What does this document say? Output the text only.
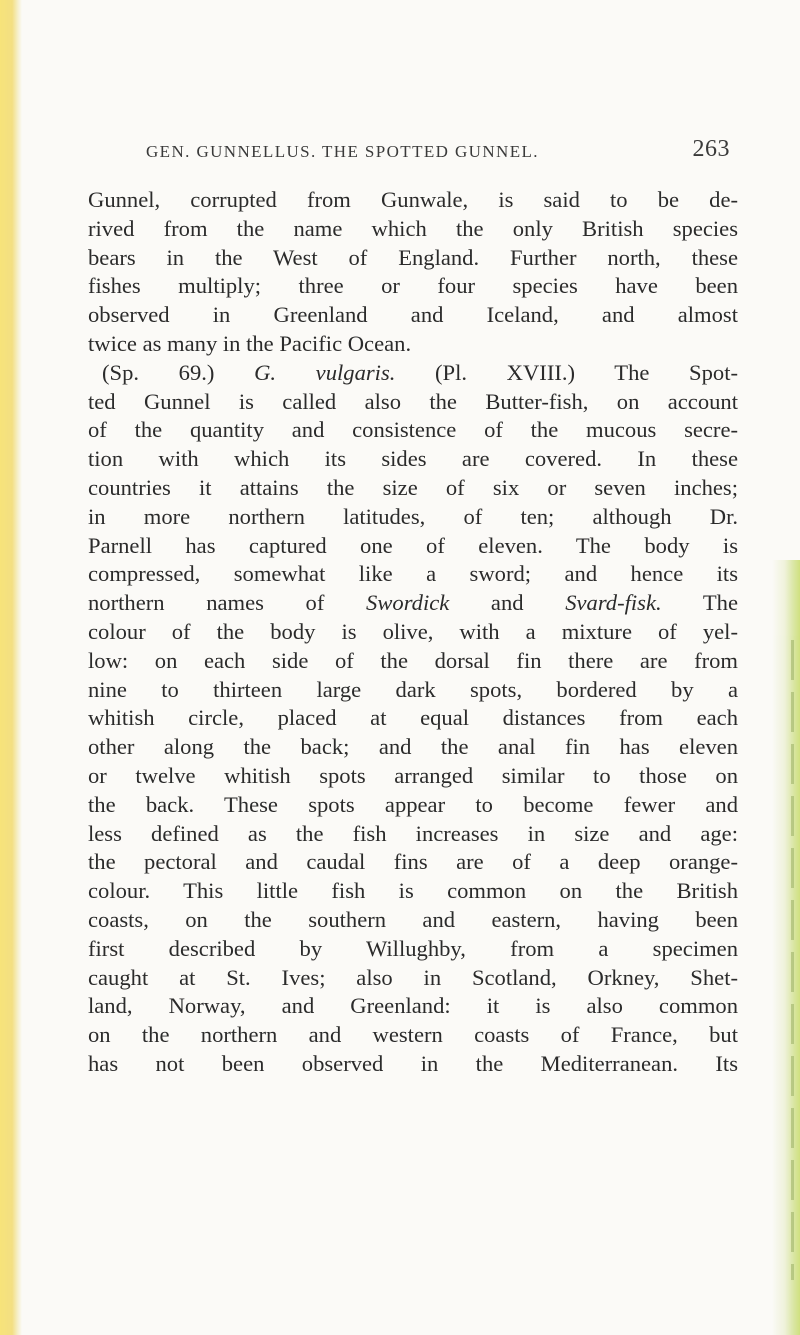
GEN. GUNNELLUS. THE SPOTTED GUNNEL.	263
Gunnel, corrupted from Gunwale, is said to be de-
rived from the name which the only British species
bears in the West of England. Further north, these
fishes multiply; three or four species have been
observed in Greenland and Iceland, and almost
twice as many in the Pacific Ocean.
(Sp. 69.) G. vulgaris. (Pl. XVIII.) The Spot-
ted Gunnel is called also the Butter-fish, on account
of the quantity and consistence of the mucous secre-
tion with which its sides are covered. In these
countries it attains the size of six or seven inches;
in more northern latitudes, of ten; although Dr.
Parnell has captured one of eleven. The body is
compressed, somewhat like a sword; and hence its
northern names of Swordick and Svard-fisk. The
colour of the body is olive, with a mixture of yel-
low: on each side of the dorsal fin there are from
nine to thirteen large dark spots, bordered by a
whitish circle, placed at equal distances from each
other along the back; and the anal fin has eleven
or twelve whitish spots arranged similar to those on
the back. These spots appear to become fewer and
less defined as the fish increases in size and age:
the pectoral and caudal fins are of a deep orange-
colour. This little fish is common on the British
coasts, on the southern and eastern, having been
first described by Willughby, from a specimen
caught at St. Ives; also in Scotland, Orkney, Shet-
land, Norway, and Greenland: it is also common
on the northern and western coasts of France, but
has not been observed in the Mediterranean. Its
